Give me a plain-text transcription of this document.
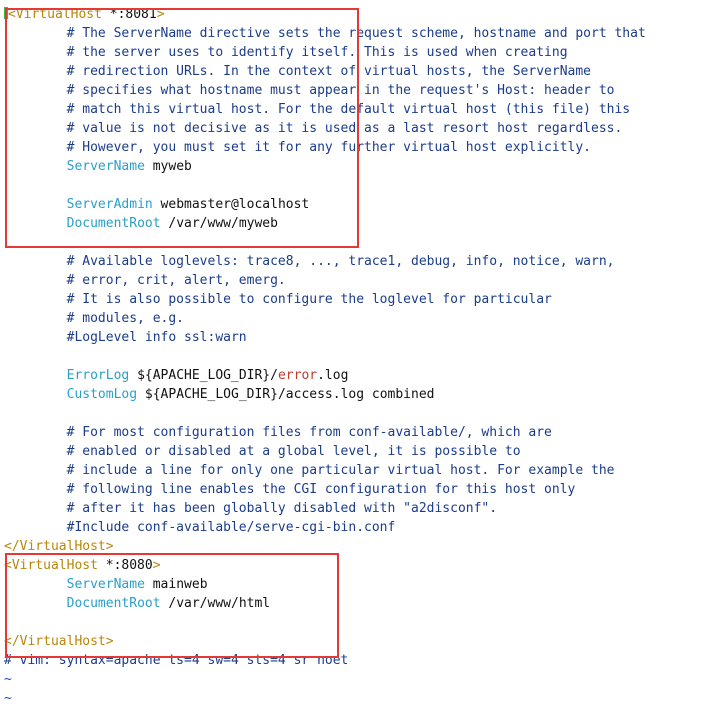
<VirtualHost *:8081>
# The ServerName directive sets the request scheme, hostname and port that
# the server uses to identify itself. This is used when creating
# redirection URLs. In the context of virtual hosts, the ServerName
# specifies what hostname must appear in the request's Host: header to
# match this virtual host. For the default virtual host (this file) this
# value is not decisive as it is used as a last resort host regardless.
# However, you must set it for any further virtual host explicitly.
ServerName myweb
ServerAdmin webmaster@localhost
DocumentRoot /var/www/myweb
# Available loglevels: trace8, ..., trace1, debug, info, notice, warn,
# error, crit, alert, emerg.
# It is also possible to configure the loglevel for particular
# modules, e.g.
#LogLevel info ssl:warn
ErrorLog ${APACHE_LOG_DIR}/error.log
CustomLog ${APACHE_LOG_DIR}/access.log combined
# For most configuration files from conf-available/, which are
# enabled or disabled at a global level, it is possible to
# include a line for only one particular virtual host. For example the
# following line enables the CGI configuration for this host only
# after it has been globally disabled with "a2disconf".
#Include conf-available/serve-cgi-bin.conf
</VirtualHost>
<VirtualHost *:8080>
ServerName mainweb
DocumentRoot /var/www/html
</VirtualHost>
# vim: syntax=apache ts=4 sw=4 sts=4 sr noet
~
~
